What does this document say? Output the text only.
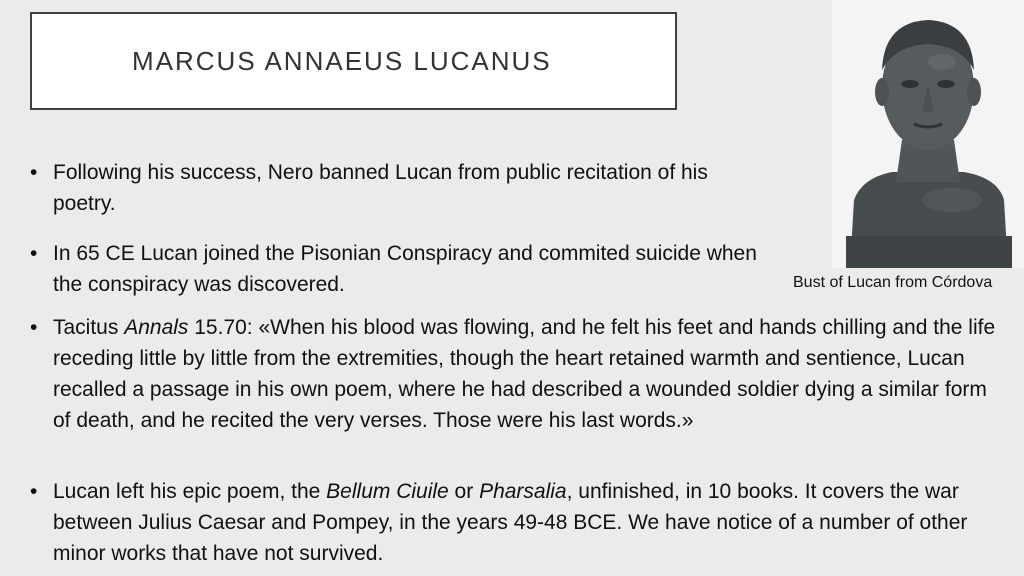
MARCUS ANNAEUS LUCANUS
Bust of Lucan from Córdova
• Following his success, Nero banned Lucan from public recitation of his poetry.
• In 65 CE Lucan joined the Pisonian Conspiracy and commited suicide when the conspiracy was discovered.
• Tacitus Annals 15.70: «When his blood was flowing, and he felt his feet and hands chilling and the life receding little by little from the extremities, though the heart retained warmth and sentience, Lucan recalled a passage in his own poem, where he had described a wounded soldier dying a similar form of death, and he recited the very verses. Those were his last words.»
• Lucan left his epic poem, the Bellum Ciuile or Pharsalia, unfinished, in 10 books. It covers the war between Julius Caesar and Pompey, in the years 49-48 BCE. We have notice of a number of other minor works that have not survived.
